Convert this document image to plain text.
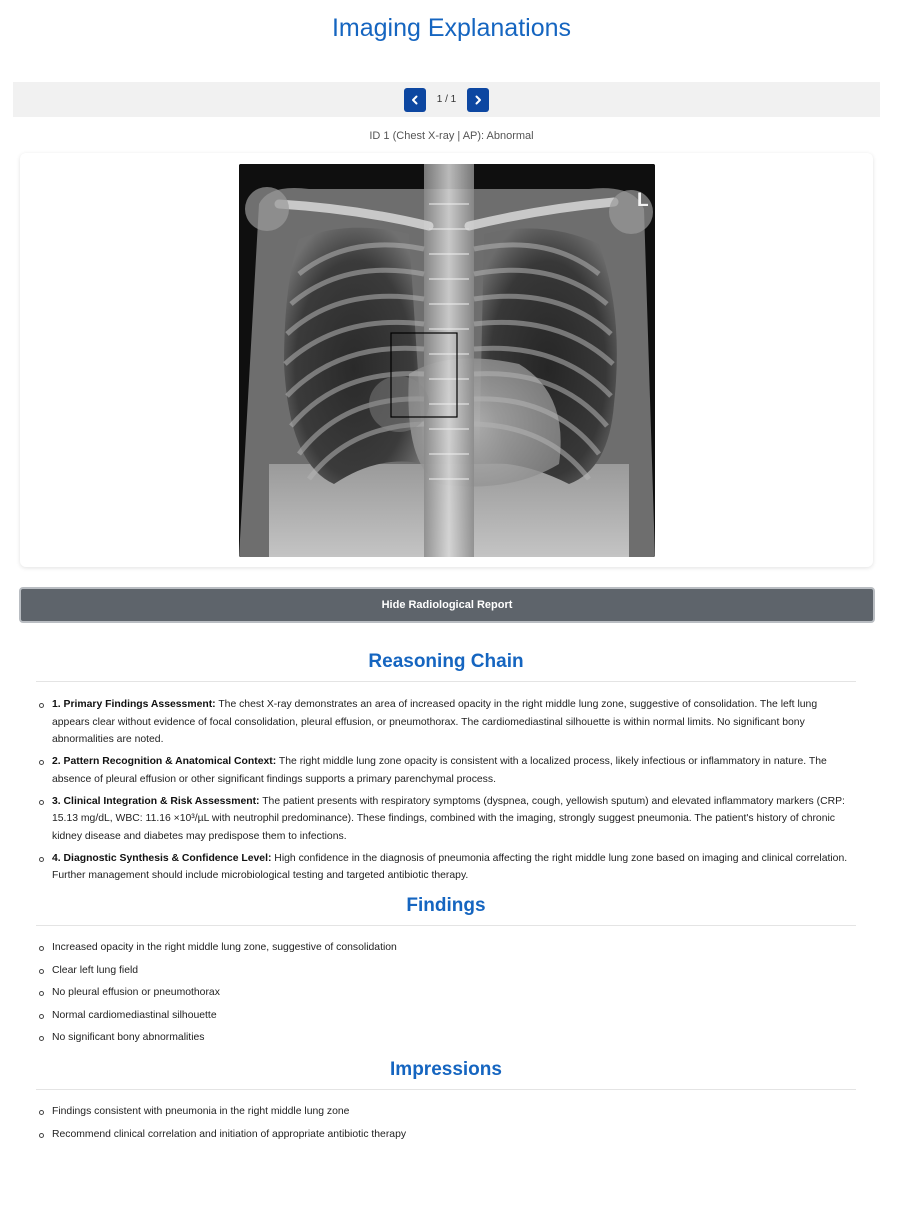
Imaging Explanations
1 / 1
ID 1 (Chest X-ray | AP): Abnormal
L
Hide Radiological Report
Reasoning Chain
1. Primary Findings Assessment: The chest X-ray demonstrates an area of increased opacity in the right middle lung zone, suggestive of consolidation. The left lung appears clear without evidence of focal consolidation, pleural effusion, or pneumothorax. The cardiomediastinal silhouette is within normal limits. No significant bony abnormalities are noted.
2. Pattern Recognition & Anatomical Context: The right middle lung zone opacity is consistent with a localized process, likely infectious or inflammatory in nature. The absence of pleural effusion or other significant findings supports a primary parenchymal process.
3. Clinical Integration & Risk Assessment: The patient presents with respiratory symptoms (dyspnea, cough, yellowish sputum) and elevated inflammatory markers (CRP: 15.13 mg/dL, WBC: 11.16 ×10³/µL with neutrophil predominance). These findings, combined with the imaging, strongly suggest pneumonia. The patient's history of chronic kidney disease and diabetes may predispose them to infections.
4. Diagnostic Synthesis & Confidence Level: High confidence in the diagnosis of pneumonia affecting the right middle lung zone based on imaging and clinical correlation. Further management should include microbiological testing and targeted antibiotic therapy.
Findings
Increased opacity in the right middle lung zone, suggestive of consolidation
Clear left lung field
No pleural effusion or pneumothorax
Normal cardiomediastinal silhouette
No significant bony abnormalities
Impressions
Findings consistent with pneumonia in the right middle lung zone
Recommend clinical correlation and initiation of appropriate antibiotic therapy
